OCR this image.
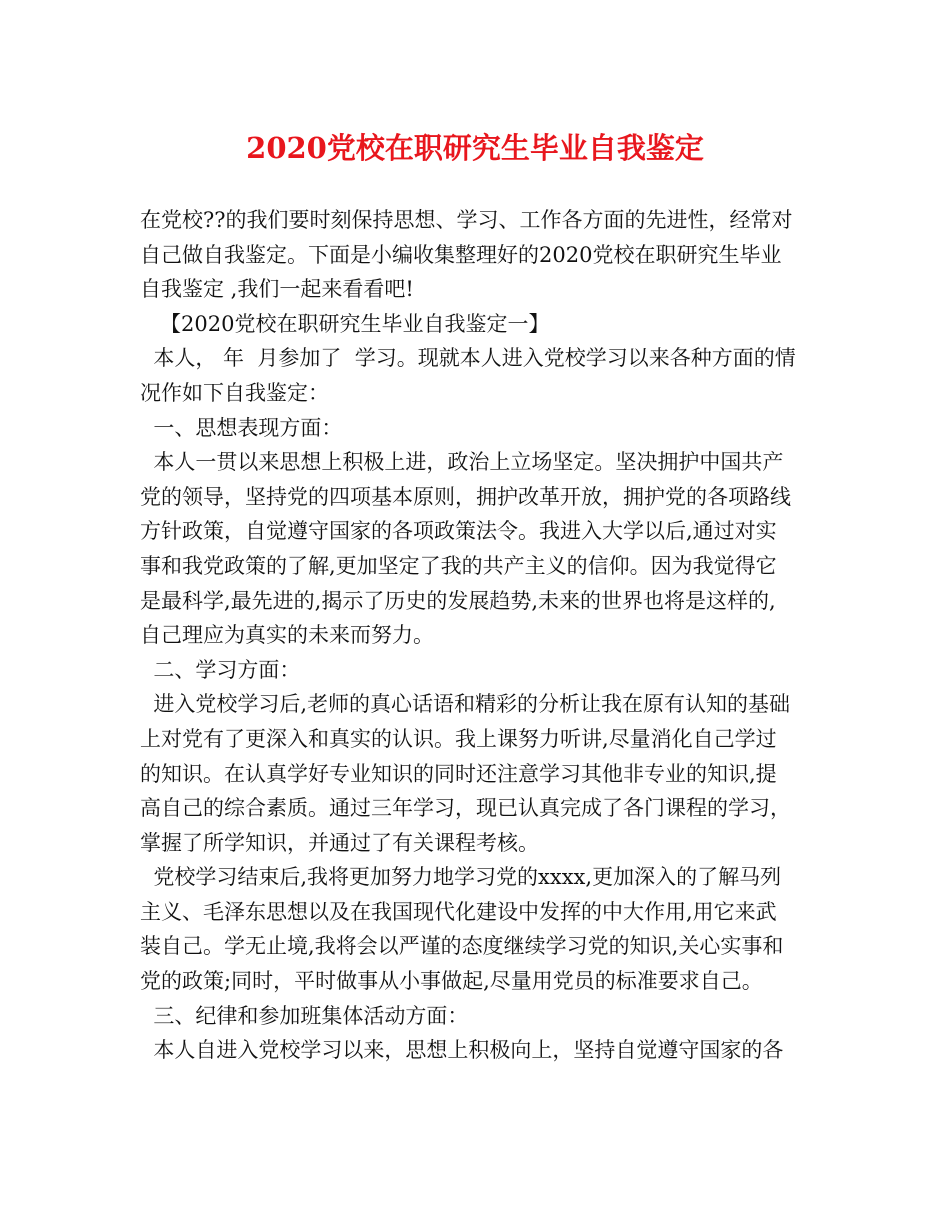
2020党校在职研究生毕业自我鉴定
在党校??的我们要时刻保持思想、学习、工作各方面的先进性，经常对
自己做自我鉴定。下面是小编收集整理好的2020党校在职研究生毕业
自我鉴定 ,我们一起来看看吧!
【2020党校在职研究生毕业自我鉴定一】
本人， 年  月参加了  学习。现就本人进入党校学习以来各种方面的情
况作如下自我鉴定：
一、思想表现方面：
本人一贯以来思想上积极上进，政治上立场坚定。坚决拥护中国共产
党的领导，坚持党的四项基本原则，拥护改革开放，拥护党的各项路线
方针政策，自觉遵守国家的各项政策法令。我进入大学以后,通过对实
事和我党政策的了解,更加坚定了我的共产主义的信仰。因为我觉得它
是最科学,最先进的,揭示了历史的发展趋势,未来的世界也将是这样的,
自己理应为真实的未来而努力。
二、学习方面：
进入党校学习后,老师的真心话语和精彩的分析让我在原有认知的基础
上对党有了更深入和真实的认识。我上课努力听讲,尽量消化自己学过
的知识。在认真学好专业知识的同时还注意学习其他非专业的知识,提
高自己的综合素质。通过三年学习，现已认真完成了各门课程的学习，
掌握了所学知识，并通过了有关课程考核。
党校学习结束后,我将更加努力地学习党的xxxx,更加深入的了解马列
主义、毛泽东思想以及在我国现代化建设中发挥的中大作用,用它来武
装自己。学无止境,我将会以严谨的态度继续学习党的知识,关心实事和
党的政策;同时，平时做事从小事做起,尽量用党员的标准要求自己。
三、纪律和参加班集体活动方面：
本人自进入党校学习以来，思想上积极向上，坚持自觉遵守国家的各
